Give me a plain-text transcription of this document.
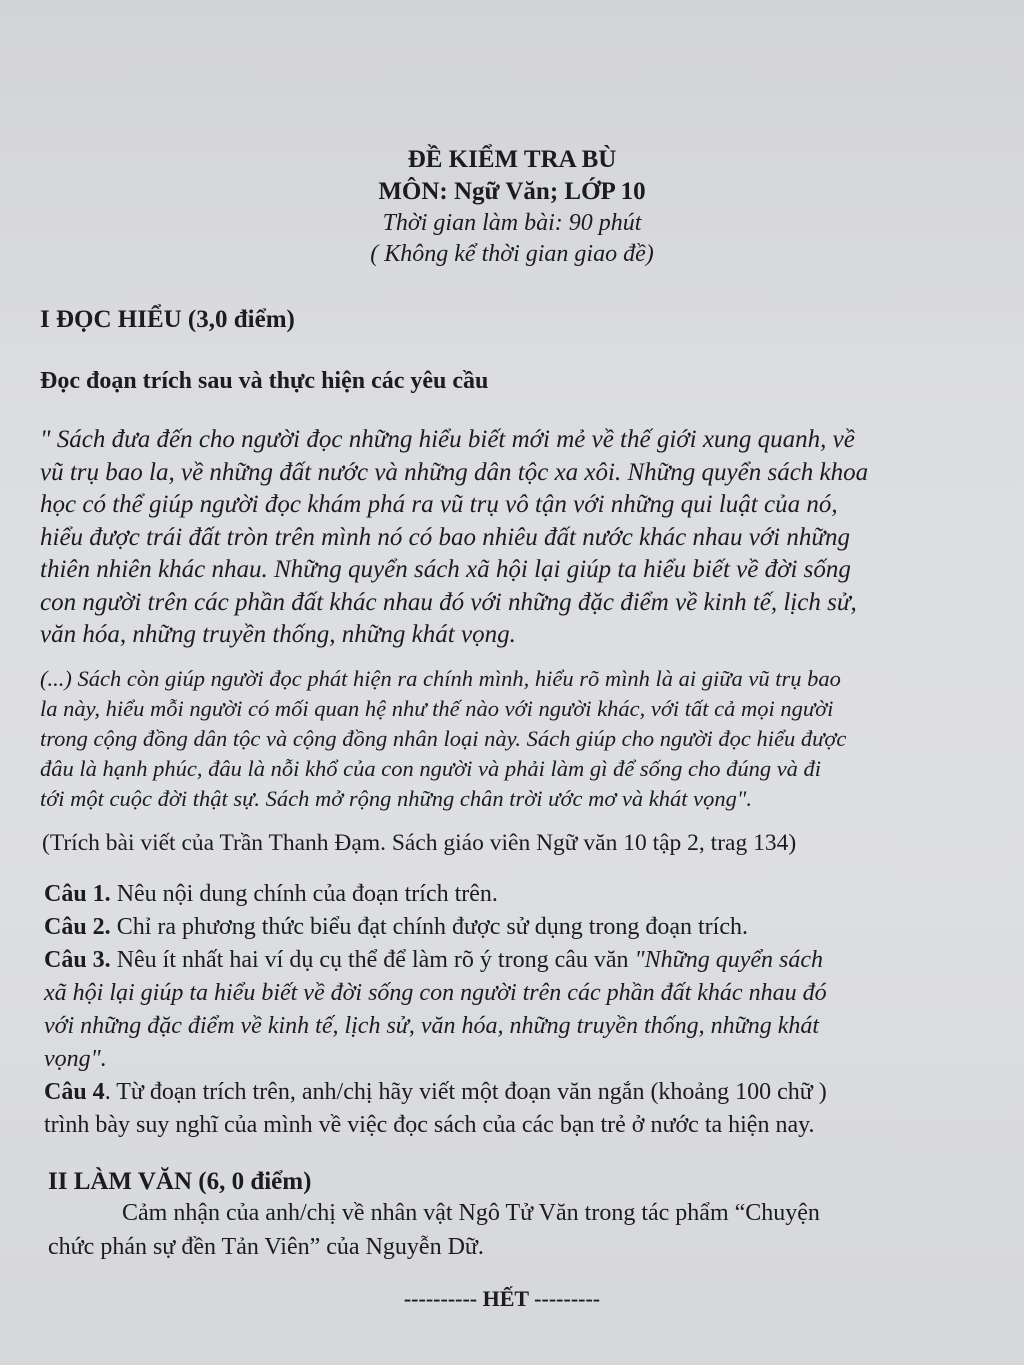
ĐỀ KIỂM TRA BÙ
MÔN: Ngữ Văn; LỚP 10
Thời gian làm bài: 90 phút
( Không kể thời gian giao đề)
I ĐỌC HIỂU (3,0 điểm)
Đọc đoạn trích sau và thực hiện các yêu cầu
" Sách đưa đến cho người đọc những hiểu biết mới mẻ về thế giới xung quanh, về
vũ trụ bao la, về những đất nước và những dân tộc xa xôi. Những quyển sách khoa
học có thể giúp người đọc khám phá ra vũ trụ vô tận với những qui luật của nó,
hiểu được trái đất tròn trên mình nó có bao nhiêu đất nước khác nhau với những
thiên nhiên khác nhau. Những quyển sách xã hội lại giúp ta hiểu biết về đời sống
con người trên các phần đất khác nhau đó với những đặc điểm về kinh tế, lịch sử,
văn hóa, những truyền thống, những khát vọng.
(...) Sách còn giúp người đọc phát hiện ra chính mình, hiểu rõ mình là ai giữa vũ trụ bao
la này, hiểu mỗi người có mối quan hệ như thế nào với người khác, với tất cả mọi người
trong cộng đồng dân tộc và cộng đồng nhân loại này. Sách giúp cho người đọc hiểu được
đâu là hạnh phúc, đâu là nỗi khổ của con người và phải làm gì để sống cho đúng và đi
tới một cuộc đời thật sự. Sách mở rộng những chân trời ước mơ và khát vọng".
(Trích bài viết của Trần Thanh Đạm. Sách giáo viên Ngữ văn 10 tập 2, trag 134)
Câu 1. Nêu nội dung chính của đoạn trích trên.
Câu 2. Chỉ ra phương thức biểu đạt chính được sử dụng trong đoạn trích.
Câu 3. Nêu ít nhất hai ví dụ cụ thể để làm rõ ý trong câu văn "Những quyển sách
xã hội lại giúp ta hiểu biết về đời sống con người trên các phần đất khác nhau đó
với những đặc điểm về kinh tế, lịch sử, văn hóa, những truyền thống, những khát
vọng".
Câu 4. Từ đoạn trích trên, anh/chị hãy viết một đoạn văn ngắn (khoảng 100 chữ )
trình bày suy nghĩ của mình về việc đọc sách của các bạn trẻ ở nước ta hiện nay.
II LÀM VĂN (6, 0 điểm)
Cảm nhận của anh/chị về nhân vật Ngô Tử Văn trong tác phẩm “Chuyện
chức phán sự đền Tản Viên” của Nguyễn Dữ.
---------- HẾT ---------
